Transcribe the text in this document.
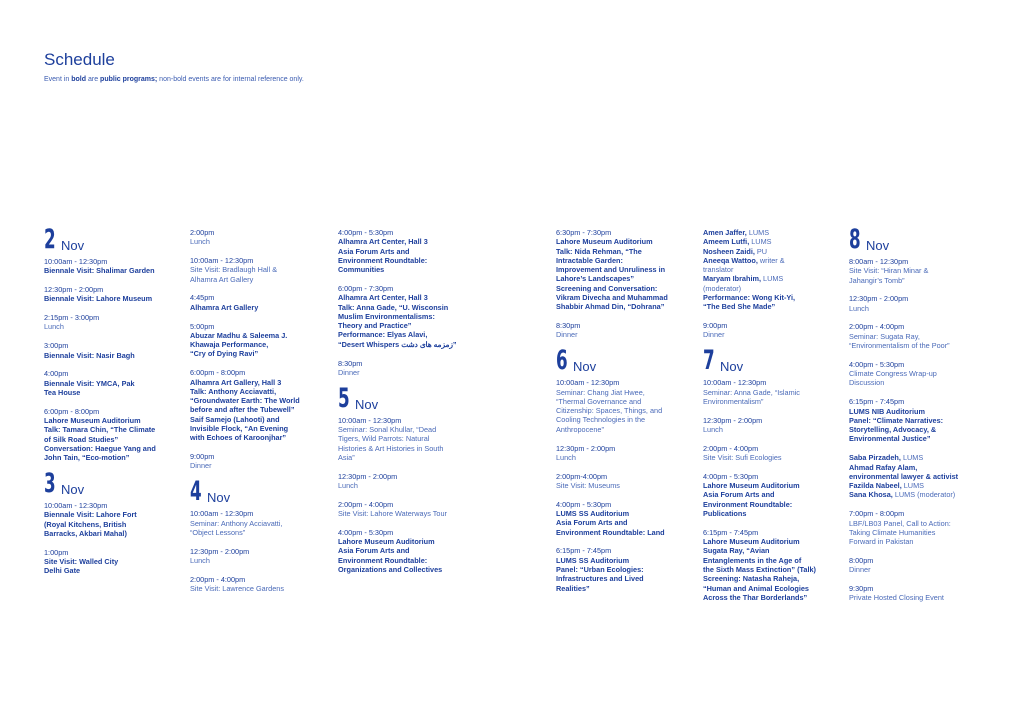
Schedule

Event in bold are public programs; non-bold events are for internal reference only.

2 Nov
10:00am - 12:30pm
Biennale Visit: Shalimar Garden
12:30pm - 2:00pm
Biennale Visit: Lahore Museum
2:15pm - 3:00pm
Lunch
3:00pm
Biennale Visit: Nasir Bagh
4:00pm
Biennale Visit: YMCA, Pak
Tea House
6:00pm - 8:00pm
Lahore Museum Auditorium
Talk: Tamara Chin, “The Climate
of Silk Road Studies”
Conversation: Haegue Yang and
John Tain, “Eco-motion”
3 Nov
10:00am - 12:30pm
Biennale Visit: Lahore Fort
(Royal Kitchens, British
Barracks, Akbari Mahal)
1:00pm
Site Visit: Walled City
Delhi Gate
2:00pm
Lunch
10:00am - 12:30pm
Site Visit: Bradlaugh Hall &
Alhamra Art Gallery
4:45pm
Alhamra Art Gallery
5:00pm
Abuzar Madhu & Saleema J.
Khawaja Performance,
“Cry of Dying Ravi”
6:00pm - 8:00pm
Alhamra Art Gallery, Hall 3
Talk: Anthony Acciavatti,
“Groundwater Earth: The World
before and after the Tubewell”
Saif Samejo (Lahooti) and
Invisible Flock, “An Evening
with Echoes of Karoonjhar”
9:00pm
Dinner
4 Nov
10:00am - 12:30pm
Seminar: Anthony Acciavatti,
“Object Lessons”
12:30pm - 2:00pm
Lunch
2:00pm - 4:00pm
Site Visit: Lawrence Gardens
4:00pm - 5:30pm
Alhamra Art Center, Hall 3
Asia Forum Arts and
Environment Roundtable:
Communities
6:00pm - 7:30pm
Alhamra Art Center, Hall 3
Talk: Anna Gade, “U. Wisconsin
Muslim Environmentalisms:
Theory and Practice”
Performance: Elyas Alavi,
“Desert Whispers زمزمه های دشت”
8:30pm
Dinner
5 Nov
10:00am - 12:30pm
Seminar: Sonal Khullar, “Dead
Tigers, Wild Parrots: Natural
Histories & Art Histories in South
Asia”
12:30pm - 2:00pm
Lunch
2:00pm - 4:00pm
Site Visit: Lahore Waterways Tour
4:00pm - 5:30pm
Lahore Museum Auditorium
Asia Forum Arts and
Environment Roundtable:
Organizations and Collectives
6:30pm - 7:30pm
Lahore Museum Auditorium
Talk: Nida Rehman, “The
Intractable Garden:
Improvement and Unruliness in
Lahore’s Landscapes”
Screening and Conversation:
Vikram Divecha and Muhammad
Shabbir Ahmad Din, “Dohrana”
8:30pm
Dinner
6 Nov
10:00am - 12:30pm
Seminar: Chang Jiat Hwee,
“Thermal Governance and
Citizenship: Spaces, Things, and
Cooling Technologies in the
Anthropocene”
12:30pm - 2:00pm
Lunch
2:00pm-4:00pm
Site Visit: Museums
4:00pm - 5:30pm
LUMS SS Auditorium
Asia Forum Arts and
Environment Roundtable: Land
6:15pm - 7:45pm
LUMS SS Auditorium
Panel: “Urban Ecologies:
Infrastructures and Lived
Realities”
Amen Jaffer, LUMS
Ameem Lutfi, LUMS
Nosheen Zaidi, PU
Aneeqa Wattoo, writer &
translator
Maryam Ibrahim, LUMS
(moderator)
Performance: Wong Kit-Yi,
“The Bed She Made”
9:00pm
Dinner
7 Nov
10:00am - 12:30pm
Seminar: Anna Gade, “Islamic
Environmentalism”
12:30pm - 2:00pm
Lunch
2:00pm - 4:00pm
Site Visit: Sufi Ecologies
4:00pm - 5:30pm
Lahore Museum Auditorium
Asia Forum Arts and
Environment Roundtable:
Publications
6:15pm - 7:45pm
Lahore Museum Auditorium
Sugata Ray, “Avian
Entanglements in the Age of
the Sixth Mass Extinction” (Talk)
Screening: Natasha Raheja,
“Human and Animal Ecologies
Across the Thar Borderlands”
8 Nov
8:00am - 12:30pm
Site Visit: “Hiran Minar &
Jahangir’s Tomb”
12:30pm - 2:00pm
Lunch
2:00pm - 4:00pm
Seminar: Sugata Ray,
“Environmentalism of the Poor”
4:00pm - 5:30pm
Climate Congress Wrap-up
Discussion
6:15pm - 7:45pm
LUMS NIB Auditorium
Panel: “Climate Narratives:
Storytelling, Advocacy, &
Environmental Justice”
Saba Pirzadeh, LUMS
Ahmad Rafay Alam,
environmental lawyer & activist
Fazilda Nabeel, LUMS
Sana Khosa, LUMS (moderator)
7:00pm - 8:00pm
LBF/LB03 Panel, Call to Action:
Taking Climate Humanities
Forward in Pakistan
8:00pm
Dinner
9:30pm
Private Hosted Closing Event
